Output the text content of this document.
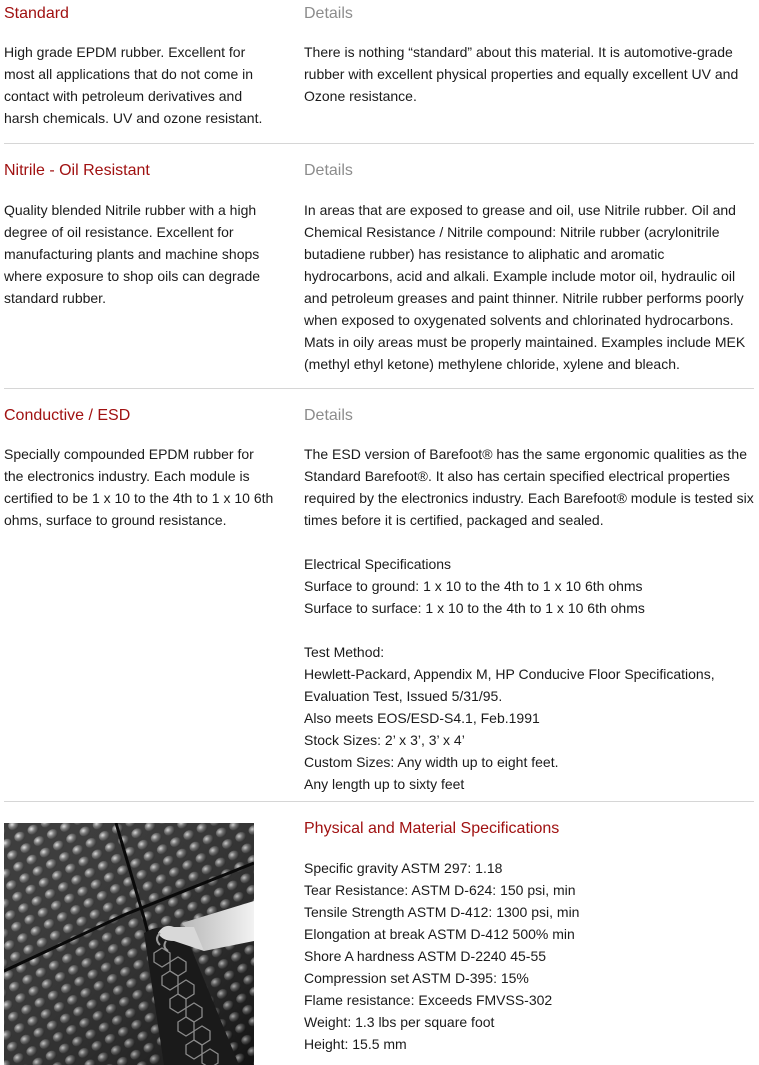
Standard

High grade EPDM rubber. Excellent for most all applications that do not come in contact with petroleum derivatives and harsh chemicals. UV and ozone resistant.

Details

There is nothing “standard” about this material. It is automotive-grade rubber with excellent physical properties and equally excellent UV and Ozone resistance.

Nitrile - Oil Resistant

Quality blended Nitrile rubber with a high degree of oil resistance. Excellent for manufacturing plants and machine shops where exposure to shop oils can degrade standard rubber.

Details

In areas that are exposed to grease and oil, use Nitrile rubber. Oil and Chemical Resistance / Nitrile compound: Nitrile rubber (acrylonitrile butadiene rubber) has resistance to aliphatic and aromatic hydrocarbons, acid and alkali. Example include motor oil, hydraulic oil and petroleum greases and paint thinner. Nitrile rubber performs poorly when exposed to oxygenated solvents and chlorinated hydrocarbons. Mats in oily areas must be properly maintained. Examples include MEK (methyl ethyl ketone) methylene chloride, xylene and bleach.

Conductive / ESD

Specially compounded EPDM rubber for the electronics industry. Each module is certified to be 1 x 10 to the 4th to 1 x 10 6th ohms, surface to ground resistance.

Details

The ESD version of Barefoot® has the same ergonomic qualities as the Standard Barefoot®. It also has certain specified electrical properties required by the electronics industry. Each Barefoot® module is tested six times before it is certified, packaged and sealed.

Electrical Specifications
Surface to ground: 1 x 10 to the 4th to 1 x 10 6th ohms
Surface to surface: 1 x 10 to the 4th to 1 x 10 6th ohms

Test Method:
Hewlett-Packard, Appendix M, HP Conducive Floor Specifications,
Evaluation Test, Issued 5/31/95.
Also meets EOS/ESD-S4.1, Feb.1991
Stock Sizes: 2’ x 3’, 3’ x 4’
Custom Sizes: Any width up to eight feet.
Any length up to sixty feet

Physical and Material Specifications

Specific gravity ASTM 297: 1.18
Tear Resistance: ASTM D-624: 150 psi, min
Tensile Strength ASTM D-412: 1300 psi, min
Elongation at break ASTM D-412 500% min
Shore A hardness ASTM D-2240 45-55
Compression set ASTM D-395: 15%
Flame resistance: Exceeds FMVSS-302
Weight: 1.3 lbs per square foot
Height: 15.5 mm
